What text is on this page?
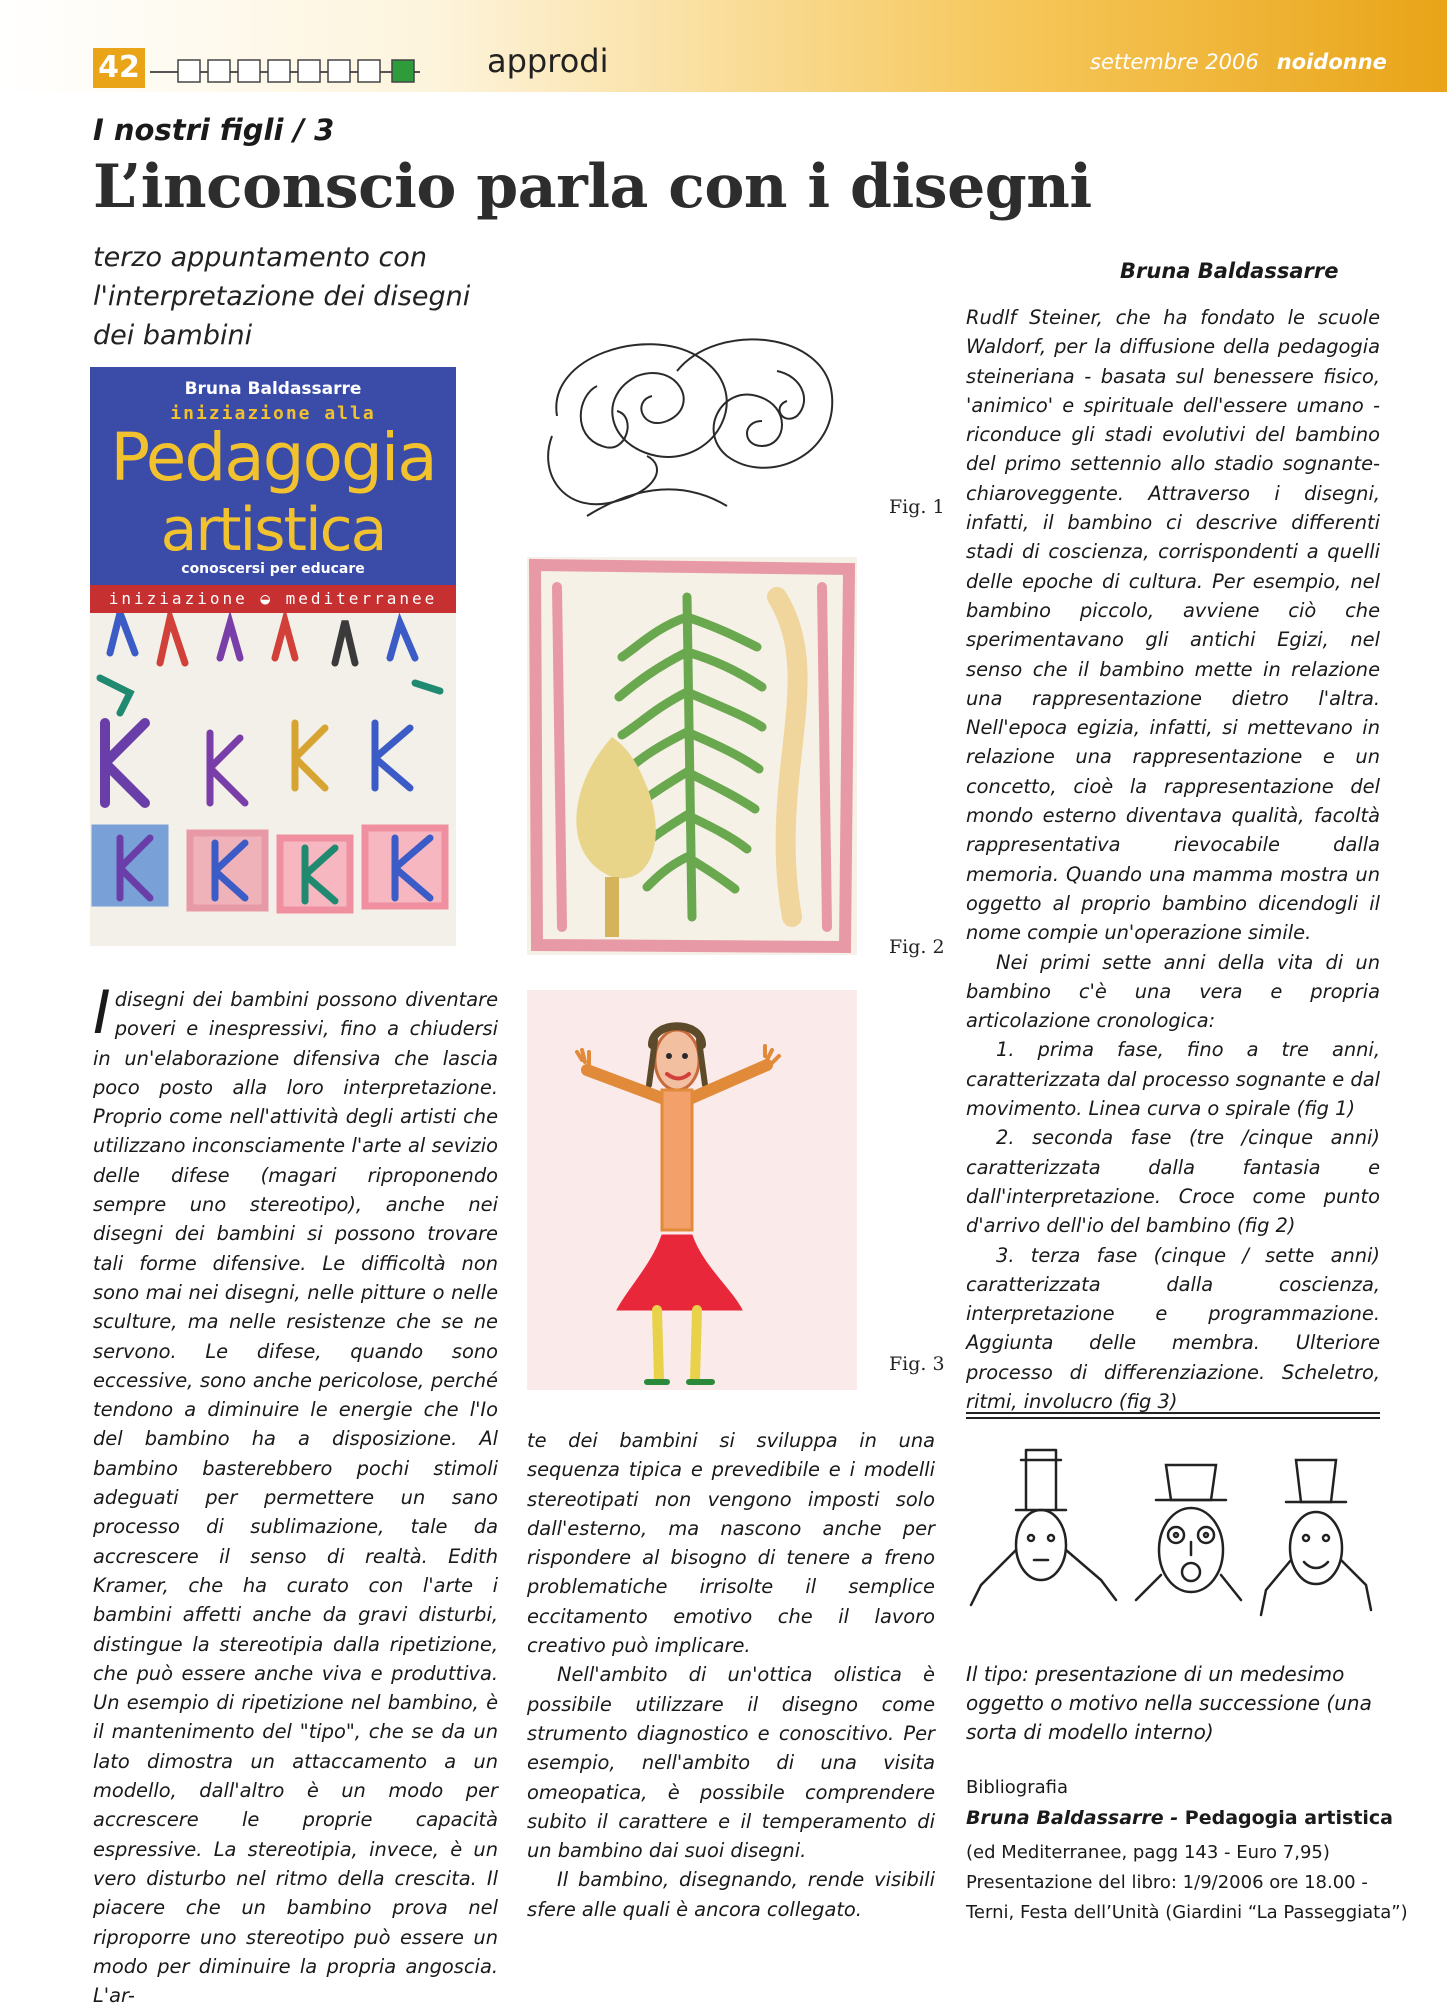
42	approdi	settembre 2006 noidonne
I nostri figli / 3
L’inconscio parla con i disegni
terzo appuntamento con l'interpretazione dei disegni dei bambini
Bruna Baldassarre
Bruna Baldassarre
iniziazione alla
Pedagogia
artistica
conoscersi per educare
iniziazione ◒ mediterranee
Fig. 1
Fig. 2
Fig. 3

Idisegni dei bambini possono diventare poveri e inespressivi, fino a chiudersi in un'elaborazione difensiva che lascia poco posto alla loro interpretazione. Proprio come nell'attività degli artisti che utilizzano inconsciamente l'arte al sevizio delle difese (magari riproponendo sempre uno stereotipo), anche nei disegni dei bambini si possono trovare tali forme difensive. Le difficoltà non sono mai nei disegni, nelle pitture o nelle sculture, ma nelle resistenze che se ne servono. Le difese, quando sono eccessive, sono anche pericolose, perché tendono a diminuire le energie che l'Io del bambino ha a disposizione. Al bambino basterebbero pochi stimoli adeguati per permettere un sano processo di sublimazione, tale da accrescere il senso di realtà. Edith Kramer, che ha curato con l'arte i bambini affetti anche da gravi disturbi, distingue la stereotipia dalla ripetizione, che può essere anche viva e produttiva. Un esempio di ripetizione nel bambino, è il mantenimento del "tipo", che se da un lato dimostra un attaccamento a un modello, dall'altro è un modo per accrescere le proprie capacità espressive. La stereotipia, invece, è un vero disturbo nel ritmo della crescita. Il piacere che un bambino prova nel riproporre uno stereotipo può essere un modo per diminuire la propria angoscia. L'ar-

te dei bambini si sviluppa in una sequenza tipica e prevedibile e i modelli stereotipati non vengono imposti solo dall'esterno, ma nascono anche per rispondere al bisogno di tenere a freno problematiche irrisolte il semplice eccitamento emotivo che il lavoro creativo può implicare.

Nell'ambito di un'ottica olistica è possibile utilizzare il disegno come strumento diagnostico e conoscitivo. Per esempio, nell'ambito di una visita omeopatica, è possibile comprendere subito il carattere e il temperamento di un bambino dai suoi disegni.

Il bambino, disegnando, rende visibili sfere alle quali è ancora collegato.

Rudlf Steiner, che ha fondato le scuole Waldorf, per la diffusione della pedagogia steineriana - basata sul benessere fisico, 'animico' e spirituale dell'essere umano - riconduce gli stadi evolutivi del bambino del primo settennio allo stadio sognante-chiaroveggente. Attraverso i disegni, infatti, il bambino ci descrive differenti stadi di coscienza, corrispondenti a quelli delle epoche di cultura. Per esempio, nel bambino piccolo, avviene ciò che sperimentavano gli antichi Egizi, nel senso che il bambino mette in relazione una rappresentazione dietro l'altra. Nell'epoca egizia, infatti, si mettevano in relazione una rappresentazione e un concetto, cioè la rappresentazione del mondo esterno diventava qualità, facoltà rappresentativa rievocabile dalla memoria. Quando una mamma mostra un oggetto al proprio bambino dicendogli il nome compie un'operazione simile.

Nei primi sette anni della vita di un bambino c'è una vera e propria articolazione cronologica:

1. prima fase, fino a tre anni, caratterizzata dal processo sognante e dal movimento. Linea curva o spirale (fig 1)

2. seconda fase (tre /cinque anni) caratterizzata dalla fantasia e dall'interpretazione. Croce come punto d'arrivo dell'io del bambino (fig 2)

3. terza fase (cinque / sette anni) caratterizzata dalla coscienza, interpretazione e programmazione. Aggiunta delle membra. Ulteriore processo di differenziazione. Scheletro, ritmi, involucro (fig 3)

Il tipo: presentazione di un medesimo oggetto o motivo nella successione (una sorta di modello interno)
Bibliografia
Bruna Baldassarre - Pedagogia artistica
(ed Mediterranee, pagg 143 - Euro 7,95)
Presentazione del libro: 1/9/2006 ore 18.00 -
Terni, Festa dell’Unità (Giardini “La Passeggiata”)
